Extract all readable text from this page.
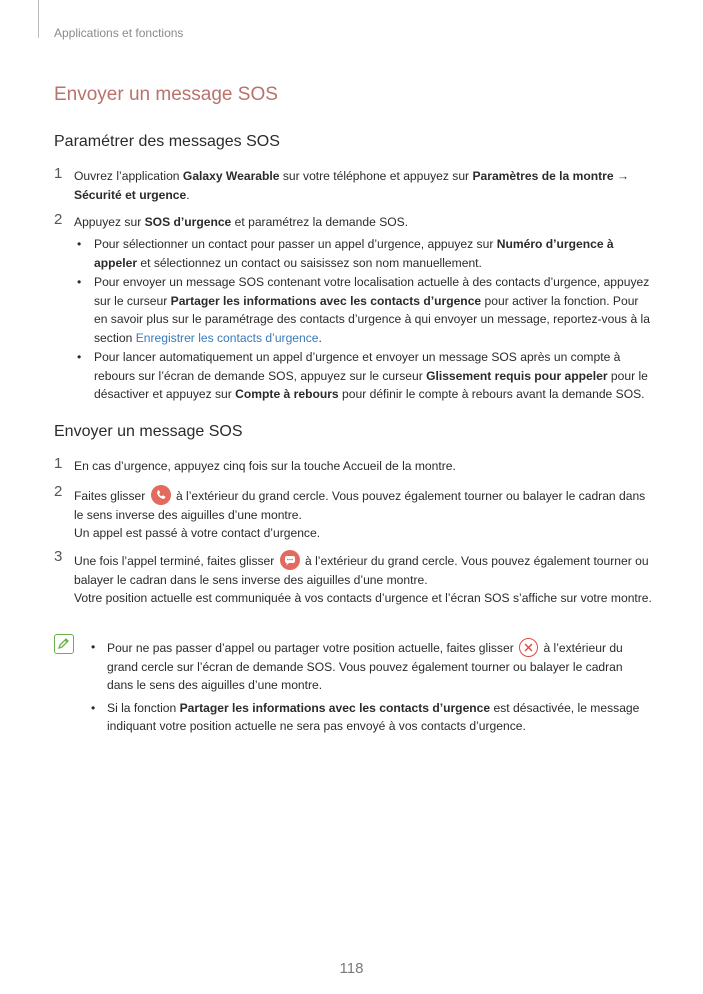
Applications et fonctions
Envoyer un message SOS
Paramétrer des messages SOS
1 Ouvrez l’application Galaxy Wearable sur votre téléphone et appuyez sur Paramètres de la montre → Sécurité et urgence.
2 Appuyez sur SOS d’urgence et paramétrez la demande SOS.
• Pour sélectionner un contact pour passer un appel d’urgence, appuyez sur Numéro d’urgence à appeler et sélectionnez un contact ou saisissez son nom manuellement.
• Pour envoyer un message SOS contenant votre localisation actuelle à des contacts d’urgence, appuyez sur le curseur Partager les informations avec les contacts d’urgence pour activer la fonction. Pour en savoir plus sur le paramétrage des contacts d’urgence à qui envoyer un message, reportez-vous à la section Enregistrer les contacts d’urgence.
• Pour lancer automatiquement un appel d’urgence et envoyer un message SOS après un compte à rebours sur l’écran de demande SOS, appuyez sur le curseur Glissement requis pour appeler pour le désactiver et appuyez sur Compte à rebours pour définir le compte à rebours avant la demande SOS.
Envoyer un message SOS
1 En cas d’urgence, appuyez cinq fois sur la touche Accueil de la montre.
2 Faites glisser
à l’extérieur du grand cercle. Vous pouvez également tourner ou balayer le cadran dans le sens inverse des aiguilles d’une montre.
Un appel est passé à votre contact d’urgence.
3 Une fois l’appel terminé, faites glisser
à l’extérieur du grand cercle. Vous pouvez également tourner ou balayer le cadran dans le sens inverse des aiguilles d’une montre.
Votre position actuelle est communiquée à vos contacts d’urgence et l’écran SOS s’affiche sur votre montre.
• Pour ne pas passer d’appel ou partager votre position actuelle, faites glisser
à l’extérieur du grand cercle sur l’écran de demande SOS. Vous pouvez également tourner ou balayer le cadran dans le sens des aiguilles d’une montre.
• Si la fonction Partager les informations avec les contacts d’urgence est désactivée, le message indiquant votre position actuelle ne sera pas envoyé à vos contacts d’urgence.
118
